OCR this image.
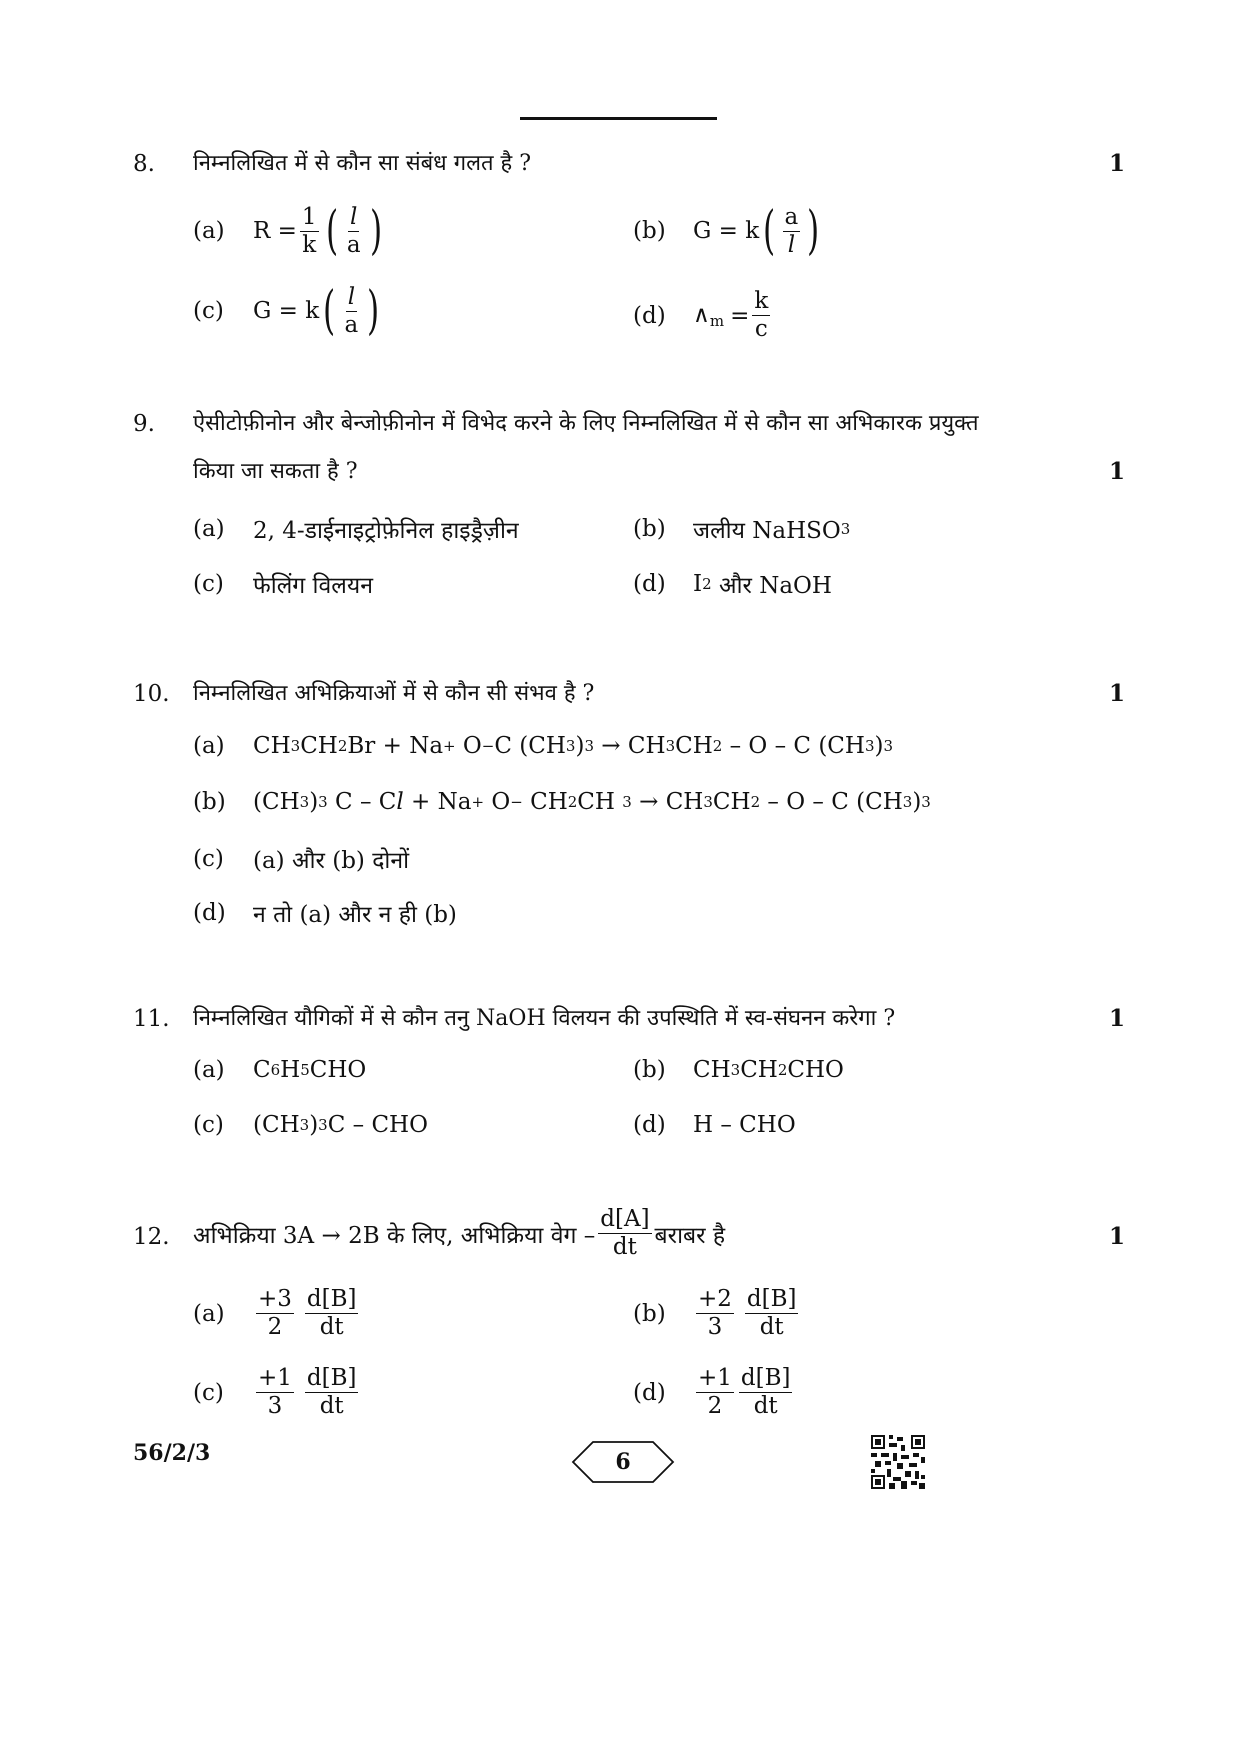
8. निम्नलिखित में से कौन सा संबंध गलत है ?	1
(a)	$R = \frac{1}{k}$ ( $\frac{l}{a}$ )	(b)	G = k ( $\frac{a}{l}$ )
(c)	G = k ( $\frac{l}{a}$ )	(d)	$\wedge_m = \frac{k}{c}$
9. ऐसीटोफ़ीनोन और बेन्जोफ़ीनोन में विभेद करने के लिए निम्नलिखित में से कौन सा अभिकारक प्रयुक्त
किया जा सकता है ?	1
(a)	2, 4-डाईनाइट्रोफ़ेनिल हाइड्रैज़ीन	(b)	जलीय NaHSO 3
(c)	फेलिंग विलयन	(d)	I 2 और NaOH
10. निम्नलिखित अभिक्रियाओं में से कौन सी संभव है ?	1
(a)	CH 3 CH 2 Br + Na + O − C (CH 3 ) 3 → CH 3 CH 2 – O – C (CH 3 ) 3
(b)	(CH 3 ) 3 C – C l + Na + O − CH 2 CH
3 → CH 3 CH 2 – O – C (CH 3 ) 3
(c)	(a) और (b) दोनों
(d)	न तो (a) और न ही (b)
11. निम्नलिखित यौगिकों में से कौन तनु NaOH विलयन की उपस्थिति में स्व-संघनन करेगा ?	1
(a)	C 6 H 5 CHO	(b)	CH 3 CH 2 CHO
(c)	(CH 3 ) 3 C – CHO	(d)	H – CHO
12. अभिक्रिया 3A → 2B के लिए, अभिक्रिया वेग – $\frac{d[A]}{dt}$ बराबर है	1
(a)	$\frac{+3}{2} \frac{d[B]}{dt}$	(b)	$\frac{+2}{3} \frac{d[B]}{dt}$
(c)	$\frac{+1}{3} \frac{d[B]}{dt}$	(d)	$\frac{+1}{2} \frac{d[B]}{dt}$
56/2/3	6
